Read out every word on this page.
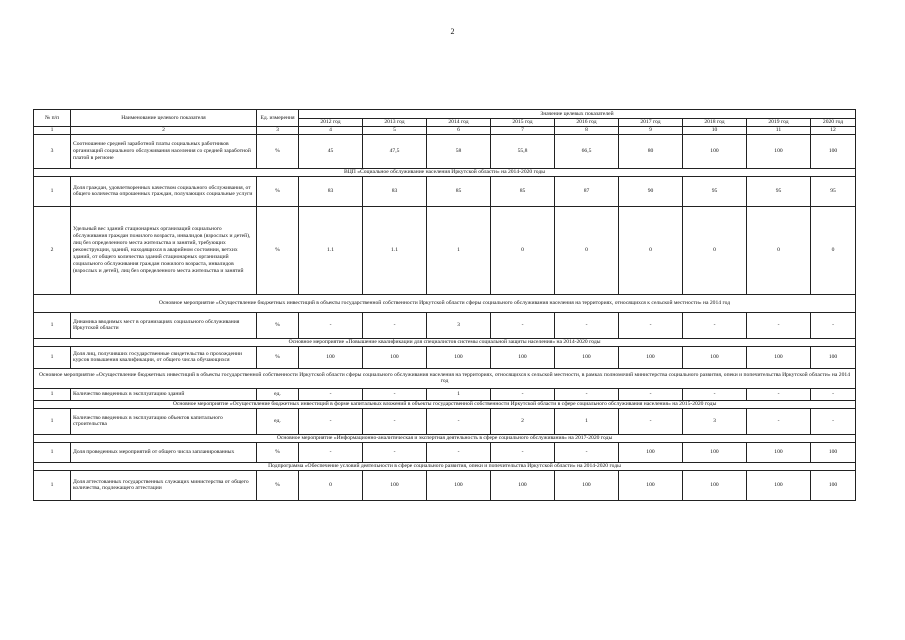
2
№ п/п	Наименование целевого показателя	Ед. измерения	Значение целевых показателей								
			2012 год	2013 год	2014 год	2015 год	2016 год	2017 год	2018 год	2019 год	2020 год
1	2	3	4	5	6	7	8	9	10	11	12
3	Соотношение средней заработной платы социальных работников организаций социального обслуживания населения со средней заработной платой в регионе	%	45	47,5	58	55,8	66,5	80	100	100	100
ВЦП «Социальное обслуживание населения Иркутской области» на 2014-2020 годы											
1	Доля граждан, удовлетворенных качеством социального обслуживания, от общего количества опрошенных граждан, получающих социальные услуги	%	83	83	85	85	87	90	95	95	95
2	Удельный вес зданий стационарных организаций социального обслуживания граждан пожилого возраста, инвалидов (взрослых и детей), лиц без определенного места жительства и занятий, требующих реконструкции, зданий, находящихся в аварийном состоянии, ветхих зданий, от общего количества зданий стационарных организаций социального обслуживания граждан пожилого возраста, инвалидов (взрослых и детей), лиц без определенного места жительства и занятий	%	1.1	1.1	1	0	0	0	0	0	0
Основное мероприятие «Осуществление бюджетных инвестиций в объекты государственной собственности Иркутской области сферы социального обслуживания населения на территориях, относящихся к сельской местности» на 2014 год											
1	Динамика вводимых мест в организациях социального обслуживания Иркутской области	%	-	-	3	-	-	-	-	-	-
Основное мероприятие «Повышение квалификации для специалистов системы социальной защиты населения» на 2014-2020 годы											
1	Доля лиц, получивших государственные свидетельства о прохождении курсов повышения квалификации, от общего числа обучающихся	%	100	100	100	100	100	100	100	100	100
Основное мероприятие «Осуществление бюджетных инвестиций в объекты государственной собственности Иркутской области сферы социального обслуживания населения на территориях, относящихся к сельской местности, в рамках полномочий министерства социального развития, опеки и попечительства Иркутской области» на 2014 год											
1	Количество введенных в эксплуатацию зданий	ед.	-	-	1	-	-	-	-	-	-
Основное мероприятие «Осуществление бюджетных инвестиций в форме капитальных вложений в объекты государственной собственности Иркутской области в сфере социального обслуживания населения» на 2015-2020 годы											
1	Количество введенных в эксплуатацию объектов капитального строительства	ед.	-	-	-	2	1	-	3	-	-
Основное мероприятие «Информационно-аналитическая и экспертная деятельность в сфере социального обслуживания» на 2017-2020 годы											
1	Доля проведенных мероприятий от общего числа запланированных	%	-	-	-	-	-	100	100	100	100
Подпрограмма «Обеспечение условий деятельности в сфере социального развития, опеки и попечительства Иркутской области» на 2014-2020 годы											
1	Доля аттестованных государственных служащих министерства от общего количества, подлежащего аттестации	%	0	100	100	100	100	100	100	100	100
